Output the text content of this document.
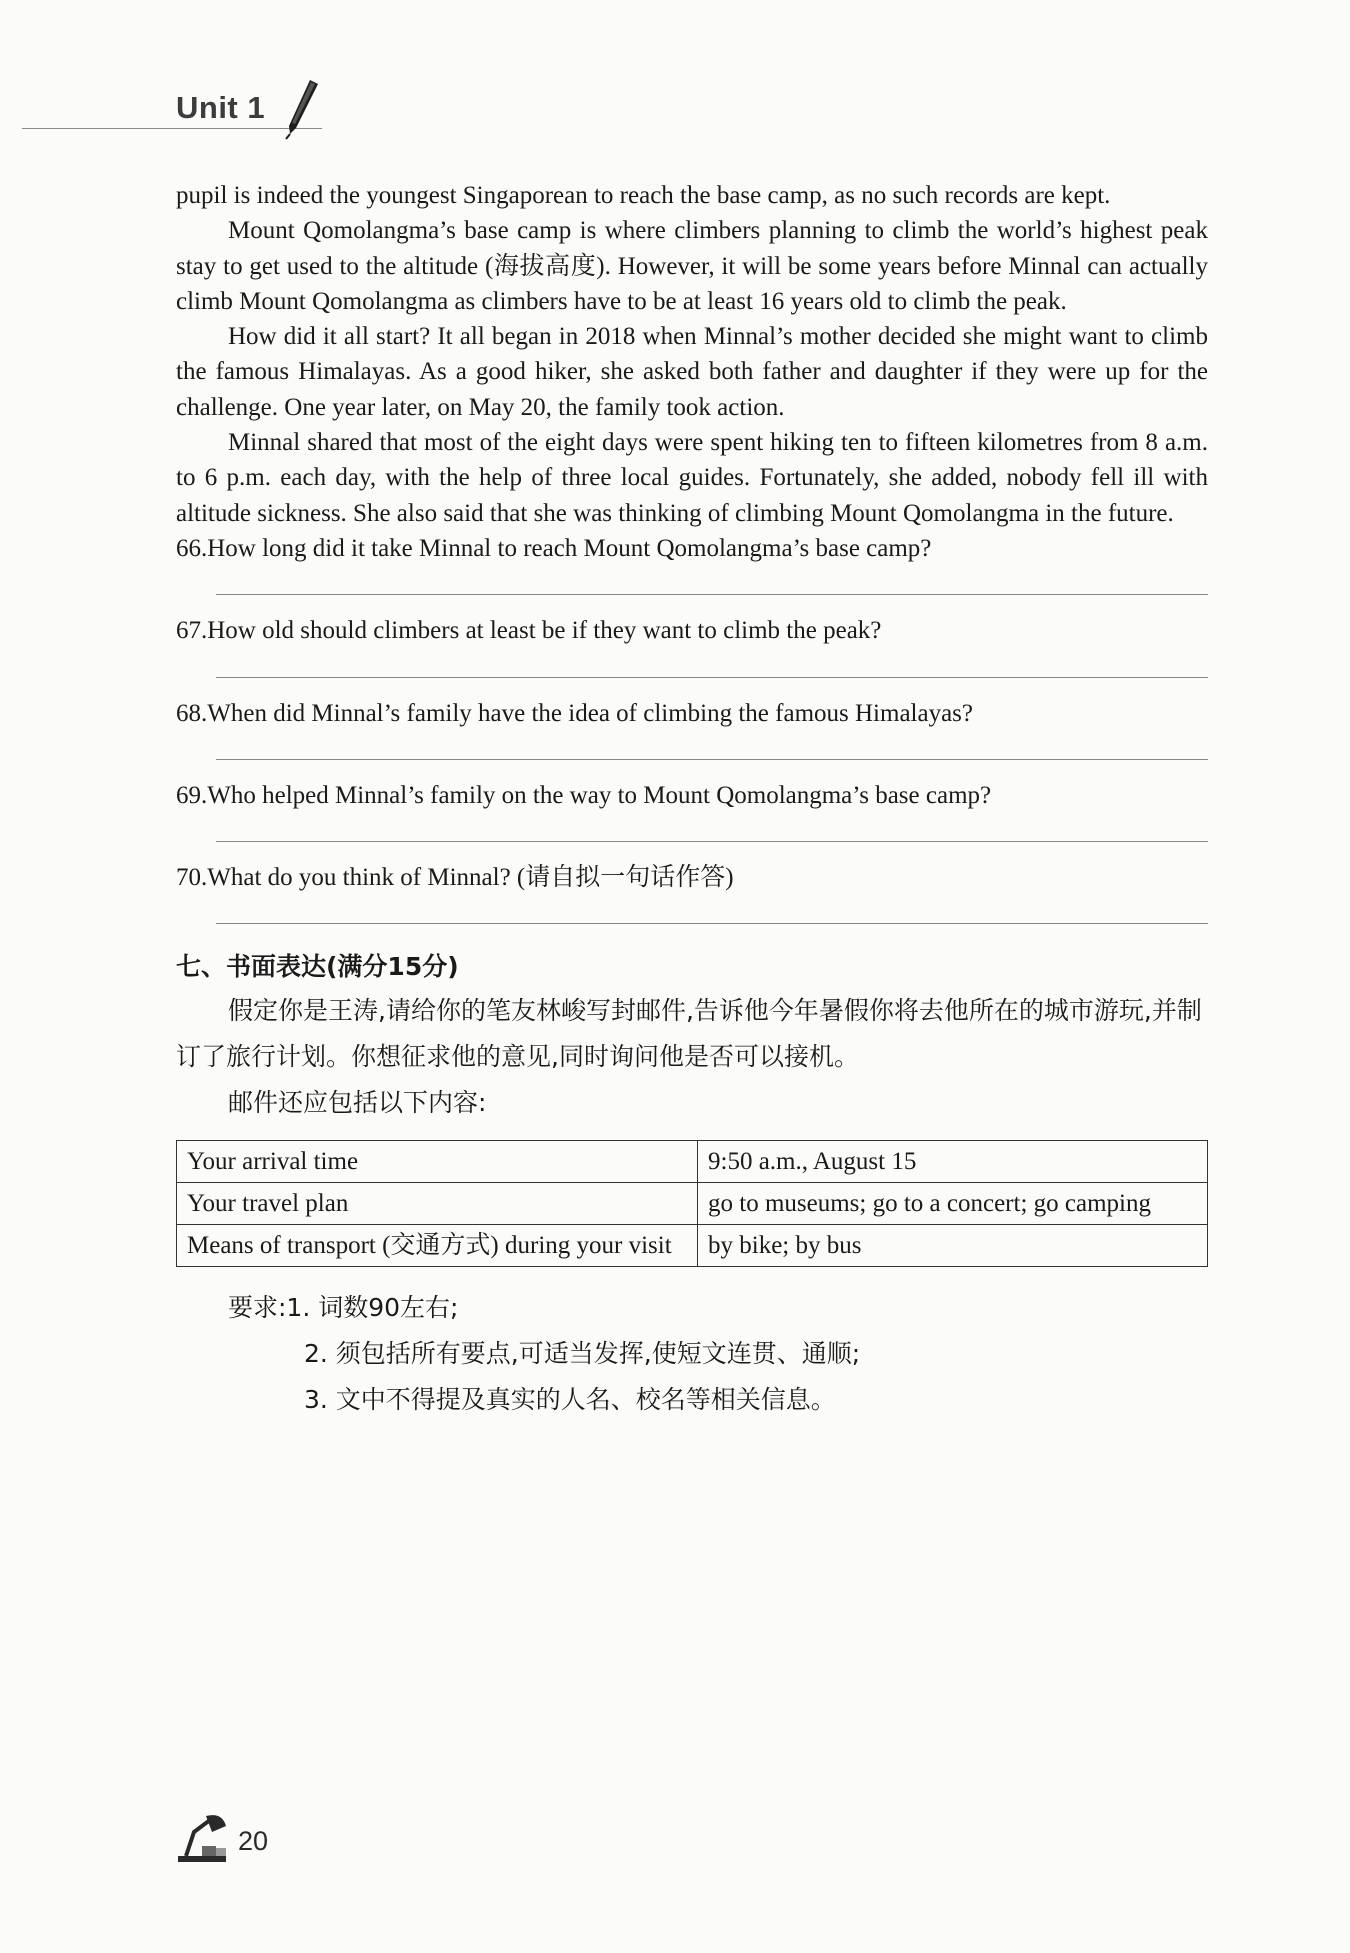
Unit 1

pupil is indeed the youngest Singaporean to reach the base camp, as no such records are kept.

Mount Qomolangma’s base camp is where climbers planning to climb the world’s highest peak stay to get used to the altitude (海拔高度). However, it will be some years before Minnal can actually climb Mount Qomolangma as climbers have to be at least 16 years old to climb the peak.

How did it all start? It all began in 2018 when Minnal’s mother decided she might want to climb the famous Himalayas. As a good hiker, she asked both father and daughter if they were up for the challenge. One year later, on May 20, the family took action.

Minnal shared that most of the eight days were spent hiking ten to fifteen kilometres from 8 a.m. to 6 p.m. each day, with the help of three local guides. Fortunately, she added, nobody fell ill with altitude sickness. She also said that she was thinking of climbing Mount Qomolangma in the future.

66.How long did it take Minnal to reach Mount Qomolangma’s base camp?
67.How old should climbers at least be if they want to climb the peak?
68.When did Minnal’s family have the idea of climbing the famous Himalayas?
69.Who helped Minnal’s family on the way to Mount Qomolangma’s base camp?
70.What do you think of Minnal? (请自拟一句话作答)
七、书面表达(满分15分)

假定你是王涛,请给你的笔友林峻写封邮件,告诉他今年暑假你将去他所在的城市游玩,并制订了旅行计划。你想征求他的意见,同时询问他是否可以接机。

邮件还应包括以下内容:

Your arrival time	9:50 a.m., August 15
Your travel plan	go to museums; go to a concert; go camping
Means of transport (交通方式) during your visit	by bike; by bus
要求:1. 词数90左右;
2. 须包括所有要点,可适当发挥,使短文连贯、通顺;
3. 文中不得提及真实的人名、校名等相关信息。
20
